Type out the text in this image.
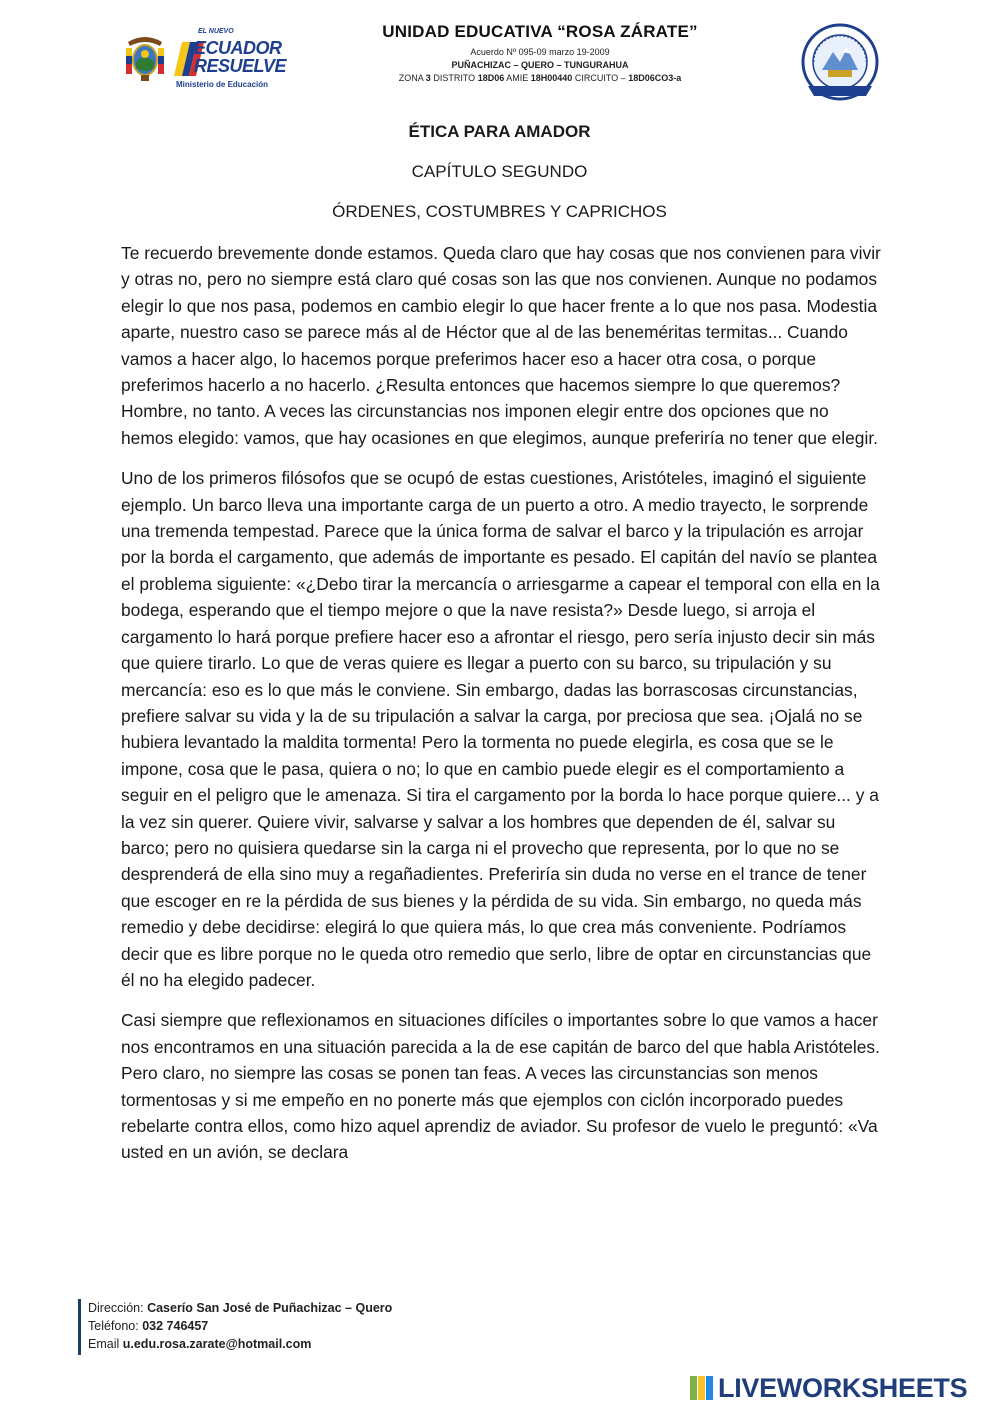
EL NUEVO
ECUADOR
RESUELVE
Ministerio de Educación
UNIDAD EDUCATIVA “ROSA ZÁRATE”
Acuerdo Nº 095-09 marzo 19-2009
PUÑACHIZAC – QUERO – TUNGURAHUA
ZONA 3 DISTRITO 18D06 AMIE 18H00440 CIRCUITO – 18D06CO3-a
ÉTICA PARA AMADOR
CAPÍTULO SEGUNDO
ÓRDENES, COSTUMBRES Y CAPRICHOS

Te recuerdo brevemente donde estamos. Queda claro que hay cosas que nos convienen para vivir y otras no, pero no siempre está claro qué cosas son las que nos convienen. Aunque no podamos elegir lo que nos pasa, podemos en cambio elegir lo que hacer frente a lo que nos pasa. Modestia aparte, nuestro caso se parece más al de Héctor que al de las beneméritas termitas... Cuando vamos a hacer algo, lo hacemos porque preferimos hacer eso a hacer otra cosa, o porque preferimos hacerlo a no hacerlo. ¿Resulta entonces que hacemos siempre lo que queremos? Hombre, no tanto. A veces las circunstancias nos imponen elegir entre dos opciones que no hemos elegido: vamos, que hay ocasiones en que elegimos, aunque preferiría no tener que elegir.

Uno de los primeros filósofos que se ocupó de estas cuestiones, Aristóteles, imaginó el siguiente ejemplo. Un barco lleva una importante carga de un puerto a otro. A medio trayecto, le sorprende una tremenda tempestad. Parece que la única forma de salvar el barco y la tripulación es arrojar por la borda el cargamento, que además de importante es pesado. El capitán del navío se plantea el problema siguiente: «¿Debo tirar la mercancía o arriesgarme a capear el temporal con ella en la bodega, esperando que el tiempo mejore o que la nave resista?» Desde luego, si arroja el cargamento lo hará porque prefiere hacer eso a afrontar el riesgo, pero sería injusto decir sin más que quiere tirarlo. Lo que de veras quiere es llegar a puerto con su barco, su tripulación y su mercancía: eso es lo que más le conviene. Sin embargo, dadas las borrascosas circunstancias, prefiere salvar su vida y la de su tripulación a salvar la carga, por preciosa que sea. ¡Ojalá no se hubiera levantado la maldita tormenta! Pero la tormenta no puede elegirla, es cosa que se le impone, cosa que le pasa, quiera o no; lo que en cambio puede elegir es el comportamiento a seguir en el peligro que le amenaza. Si tira el cargamento por la borda lo hace porque quiere... y a la vez sin querer. Quiere vivir, salvarse y salvar a los hombres que dependen de él, salvar su barco; pero no quisiera quedarse sin la carga ni el provecho que representa, por lo que no se desprenderá de ella sino muy a regañadientes. Preferiría sin duda no verse en el trance de tener que escoger en re la pérdida de sus bienes y la pérdida de su vida. Sin embargo, no queda más remedio y debe decidirse: elegirá lo que quiera más, lo que crea más conveniente. Podríamos decir que es libre porque no le queda otro remedio que serlo, libre de optar en circunstancias que él no ha elegido padecer.

Casi siempre que reflexionamos en situaciones difíciles o importantes sobre lo que vamos a hacer nos encontramos en una situación parecida a la de ese capitán de barco del que habla Aristóteles. Pero claro, no siempre las cosas se ponen tan feas. A veces las circunstancias son menos tormentosas y si me empeño en no ponerte más que ejemplos con ciclón incorporado puedes rebelarte contra ellos, como hizo aquel aprendiz de aviador. Su profesor de vuelo le preguntó: «Va usted en un avión, se declara

Dirección: Caserío San José de Puñachizac – Quero
Teléfono: 032 746457
Email u.edu.rosa.zarate@hotmail.com
LIVEWORKSHEETS
